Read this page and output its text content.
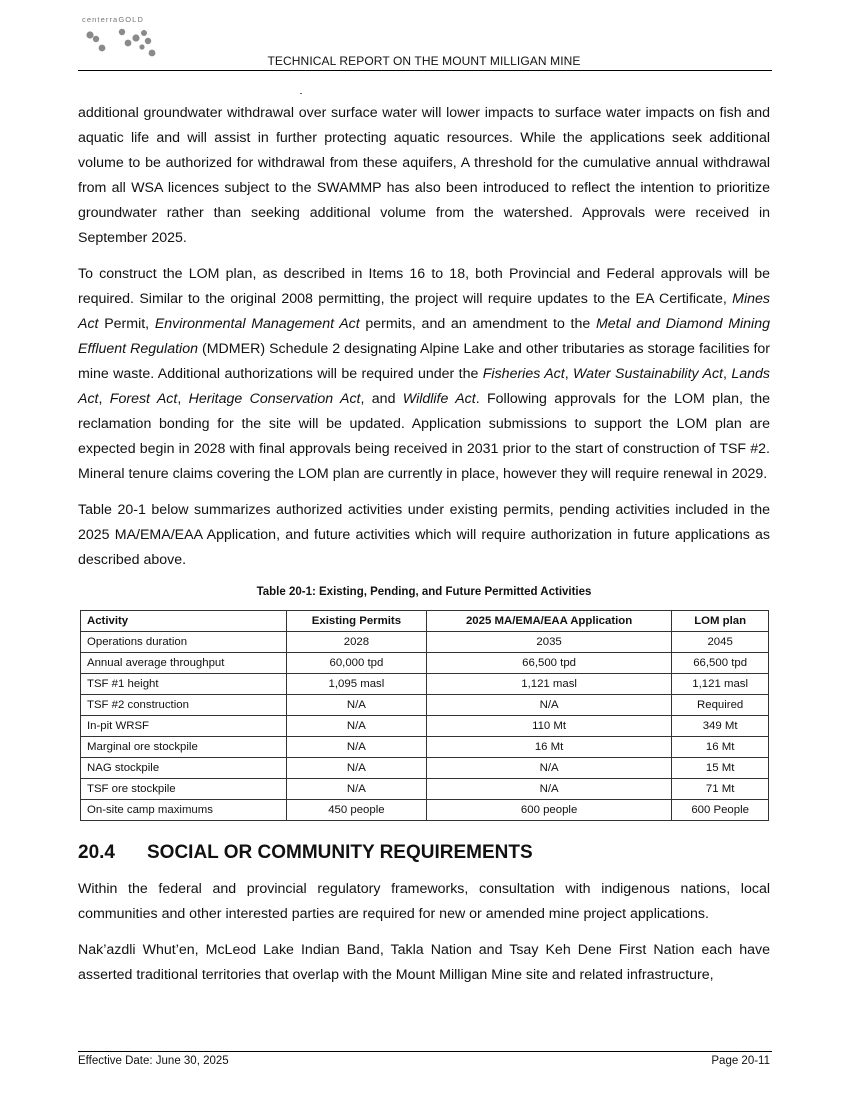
centerraGOLD
TECHNICAL REPORT ON THE MOUNT MILLIGAN MINE

additional groundwater withdrawal over surface water will lower impacts to surface water impacts on fish and aquatic life and will assist in further protecting aquatic resources. While the applications seek additional volume to be authorized for withdrawal from these aquifers, A threshold for the cumulative annual withdrawal from all WSA licences subject to the SWAMMP has also been introduced to reflect the intention to prioritize groundwater rather than seeking additional volume from the watershed. Approvals were received in September 2025.

To construct the LOM plan, as described in Items 16 to 18, both Provincial and Federal approvals will be required. Similar to the original 2008 permitting, the project will require updates to the EA Certificate, Mines Act Permit, Environmental Management Act permits, and an amendment to the Metal and Diamond Mining Effluent Regulation (MDMER) Schedule 2 designating Alpine Lake and other tributaries as storage facilities for mine waste. Additional authorizations will be required under the Fisheries Act, Water Sustainability Act, Lands Act, Forest Act, Heritage Conservation Act, and Wildlife Act. Following approvals for the LOM plan, the reclamation bonding for the site will be updated. Application submissions to support the LOM plan are expected begin in 2028 with final approvals being received in 2031 prior to the start of construction of TSF #2. Mineral tenure claims covering the LOM plan are currently in place, however they will require renewal in 2029.

Table 20-1 below summarizes authorized activities under existing permits, pending activities included in the 2025 MA/EMA/EAA Application, and future activities which will require authorization in future applications as described above.

Table 20-1: Existing, Pending, and Future Permitted Activities
Activity	Existing Permits	2025 MA/EMA/EAA Application	LOM plan
Operations duration	2028	2035	2045
Annual average throughput	60,000 tpd	66,500 tpd	66,500 tpd
TSF #1 height	1,095 masl	1,121 masl	1,121 masl
TSF #2 construction	N/A	N/A	Required
In-pit WRSF	N/A	110 Mt	349 Mt
Marginal ore stockpile	N/A	16 Mt	16 Mt
NAG stockpile	N/A	N/A	15 Mt
TSF ore stockpile	N/A	N/A	71 Mt
On-site camp maximums	450 people	600 people	600 People
20.4	SOCIAL OR COMMUNITY REQUIREMENTS

Within the federal and provincial regulatory frameworks, consultation with indigenous nations, local communities and other interested parties are required for new or amended mine project applications.

Nak’azdli Whut’en, McLeod Lake Indian Band, Takla Nation and Tsay Keh Dene First Nation each have asserted traditional territories that overlap with the Mount Milligan Mine site and related infrastructure,

Effective Date: June 30, 2025	Page 20-11
